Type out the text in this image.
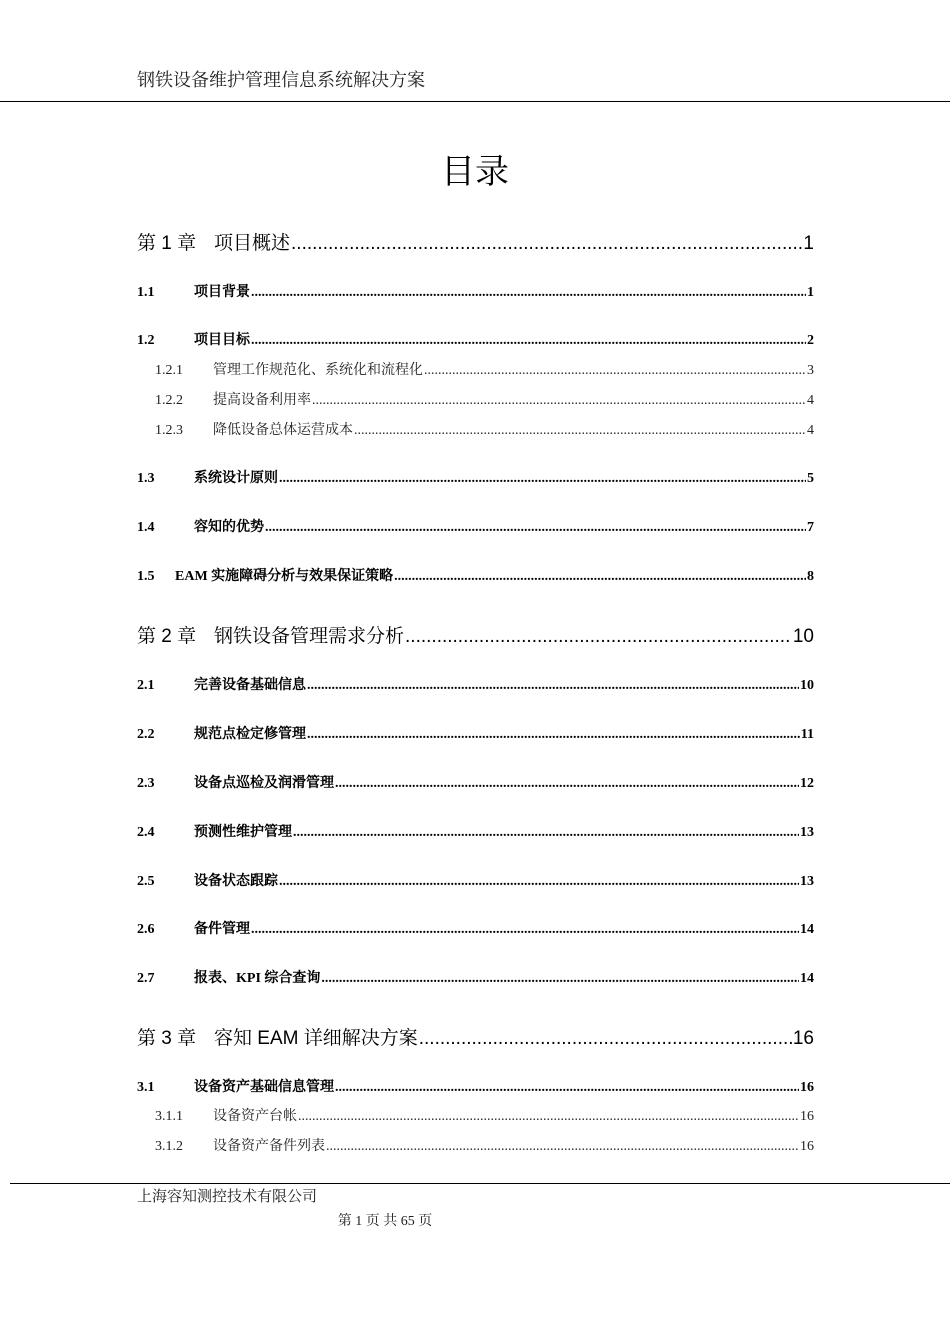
钢铁设备维护管理信息系统解决方案
目录
第 1 章 项目概述 .....	1
1.1	项目背景 .....	1
1.2	项目目标 .....	2
1.2.1	管理工作规范化、系统化和流程化 .....	3
1.2.2	提高设备利用率 .....	4
1.2.3	降低设备总体运营成本 .....	4
1.3	系统设计原则 .....	5
1.4	容知的优势 .....	7
1.5	EAM 实施障碍分析与效果保证策略 .....	8
第 2 章 钢铁设备管理需求分析 .....	10
2.1	完善设备基础信息 .....	10
2.2	规范点检定修管理 .....	11
2.3	设备点巡检及润滑管理 .....	12
2.4	预测性维护管理 .....	13
2.5	设备状态跟踪 .....	13
2.6	备件管理 .....	14
2.7	报表、KPI 综合查询 .....	14
第 3 章 容知 EAM 详细解决方案 .....	16
3.1	设备资产基础信息管理 .....	16
3.1.1	设备资产台帐 .....	16
3.1.2	设备资产备件列表 .....	16
上海容知测控技术有限公司
第 1 页 共 65 页
